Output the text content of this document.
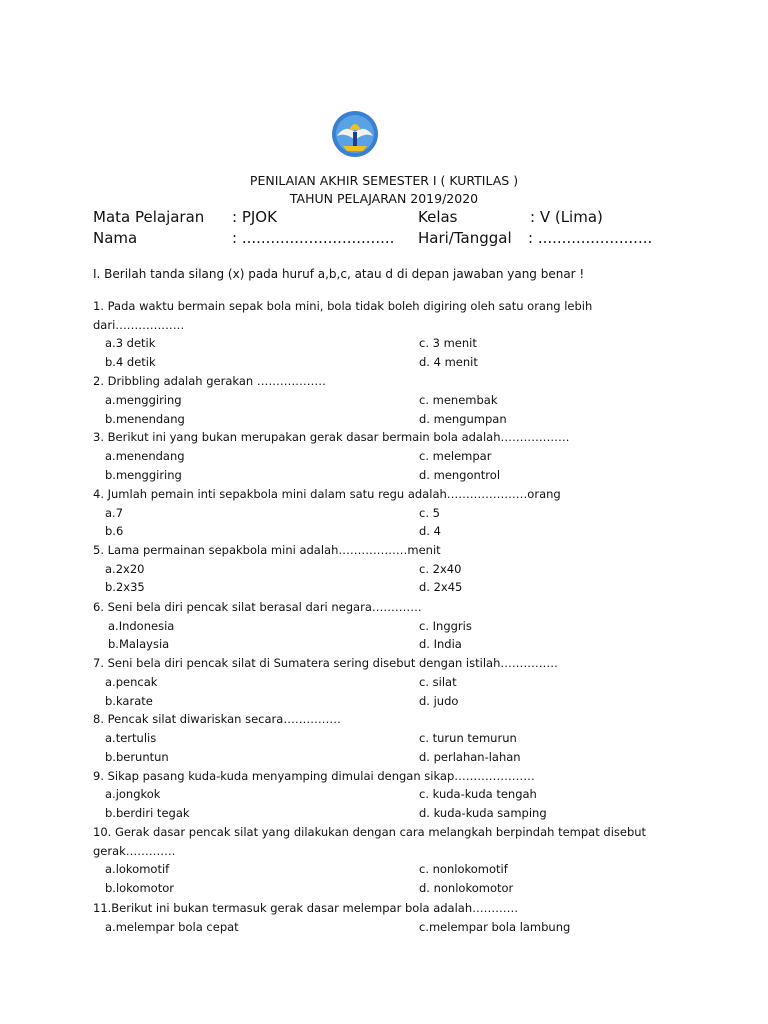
PENILAIAN AKHIR SEMESTER I ( KURTILAS )
TAHUN PELAJARAN 2019/2020
Mata Pelajaran : PJOK	Kelas	: V (Lima)
Nama	: ................................ Hari/Tanggal : ........................
I. Berilah tanda silang (x) pada huruf a,b,c, atau d di depan jawaban yang benar !
1. Pada waktu bermain sepak bola mini, bola tidak boleh digiring oleh satu orang lebih
dari………………
a.3 detik	c. 3 menit
b.4 detik	d. 4 menit
2. Dribbling adalah gerakan ………………
a.menggiring	c. menembak
b.menendang	d. mengumpan
3. Berikut ini yang bukan merupakan gerak dasar bermain bola adalah………………
a.menendang	c. melempar
b.menggiring	d. mengontrol
4. Jumlah pemain inti sepakbola mini dalam satu regu adalah…………………orang
a.7	c. 5
b.6	d. 4
5. Lama permainan sepakbola mini adalah………………menit
a.2x20	c. 2x40
b.2x35	d. 2x45
6. Seni bela diri pencak silat berasal dari negara………….
a.Indonesia	c. Inggris
b.Malaysia	d. India
7. Seni bela diri pencak silat di Sumatera sering disebut dengan istilah……………
a.pencak	c. silat
b.karate	d. judo
8. Pencak silat diwariskan secara……………
a.tertulis	c. turun temurun
b.beruntun	d. perlahan-lahan
9. Sikap pasang kuda-kuda menyamping dimulai dengan sikap…………………
a.jongkok	c. kuda-kuda tengah
b.berdiri tegak	d. kuda-kuda samping
10. Gerak dasar pencak silat yang dilakukan dengan cara melangkah berpindah tempat disebut
gerak………….
a.lokomotif	c. nonlokomotif
b.lokomotor	d. nonlokomotor
11.Berikut ini bukan termasuk gerak dasar melempar bola adalah…………
a.melempar bola cepat	c.melempar bola lambung
